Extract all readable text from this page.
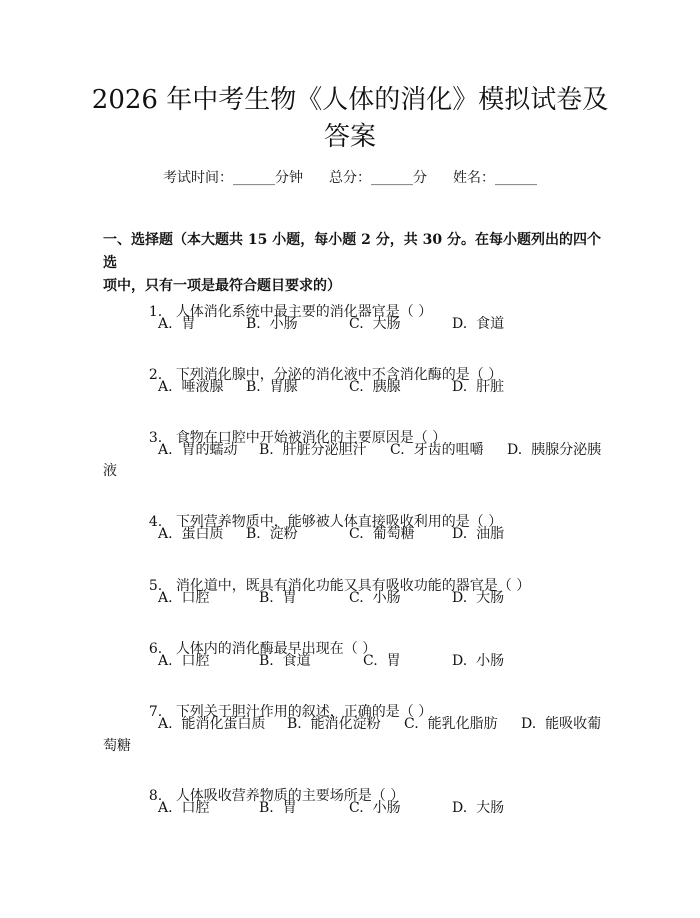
2026 年中考生物《人体的消化》模拟试卷及
答案
考试时间：______分钟 总分：______分 姓名：______
一、选择题（本大题共 15 小题，每小题 2 分，共 30 分。在每小题列出的四个选
项中，只有一项是最符合题目要求的）

1. 人体消化系统中最主要的消化器官是（ ）

A.  胃

	B.  小肠

	C.  大肠

	D.  食道

2. 下列消化腺中，分泌的消化液中不含消化酶的是（ ）

A.  唾液腺

B.  胃腺

	C.  胰腺

	D.  肝脏

3. 食物在口腔中开始被消化的主要原因是（ ）

A.  胃的蠕动

B.  肝脏分泌胆汁

C.  牙齿的咀嚼

D.  胰腺分泌胰

液

4. 下列营养物质中，能够被人体直接吸收利用的是（ ）

A.  蛋白质

B.  淀粉

	C.  葡萄糖

	D.  油脂

5. 消化道中，既具有消化功能又具有吸收功能的器官是（ ）

A.  口腔

	B.  胃

	C.  小肠

	D.  大肠

6. 人体内的消化酶最早出现在（ ）

A.  口腔

	B.  食道

	C.  胃

	D.  小肠

7. 下列关于胆汁作用的叙述，正确的是（ ）

A.  能消化蛋白质

B.  能消化淀粉

C.  能乳化脂肪

D.  能吸收葡

萄糖

8. 人体吸收营养物质的主要场所是（ ）

A.  口腔

	B.  胃

	C.  小肠

	D.  大肠
